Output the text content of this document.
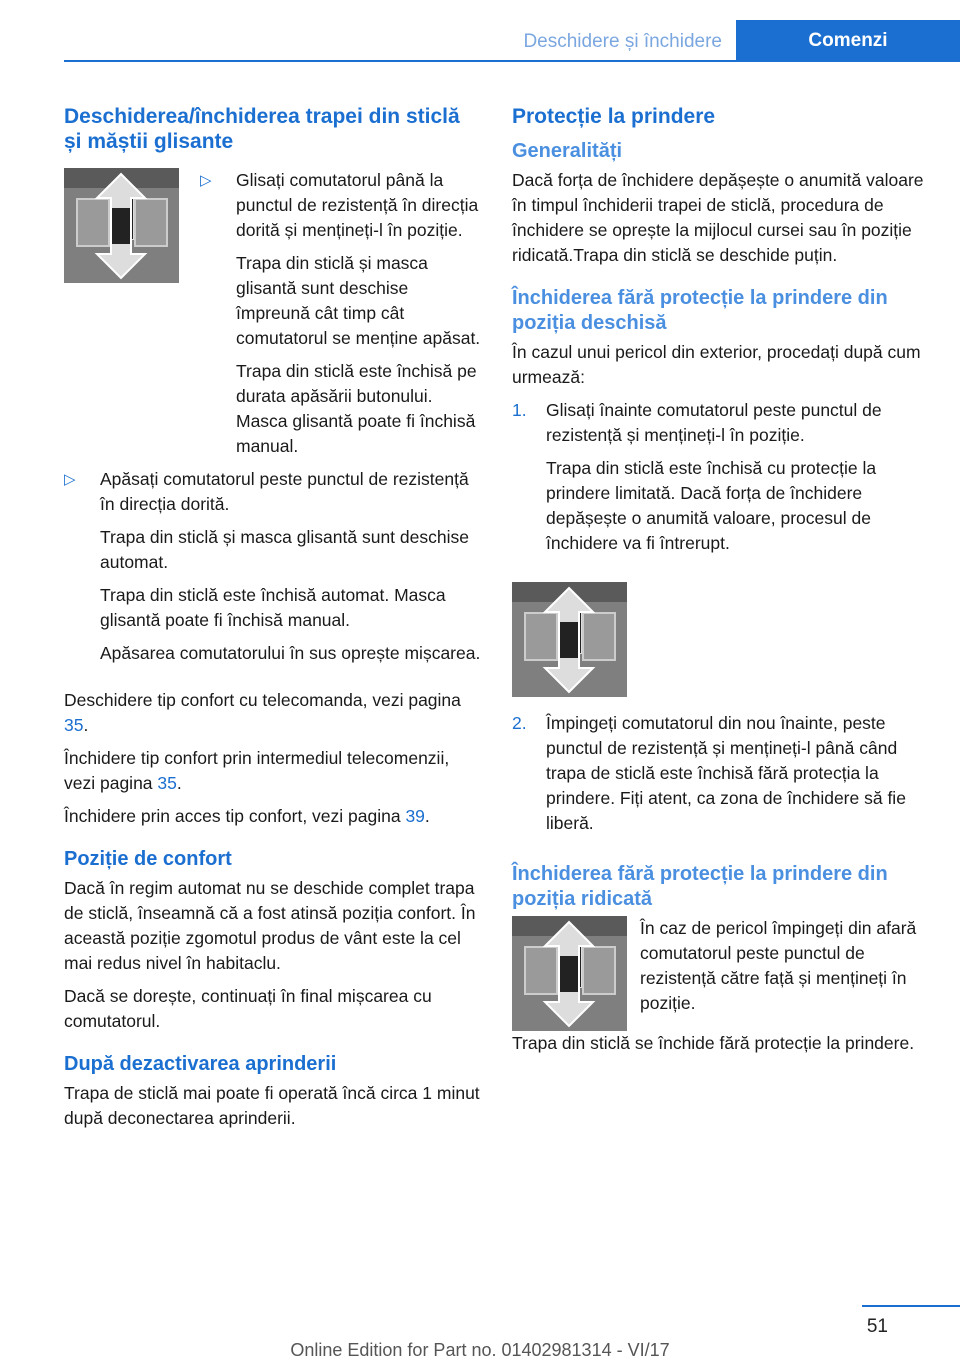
Deschidere și închidere	Comenzi
Deschiderea/închiderea trapei din sticlă și măștii glisante
▷	Glisați comutatorul până la punctul de rezistență în direcția dorită și mențineți-l în poziție.

Trapa din sticlă și masca glisantă sunt deschise împreună cât timp cât comutatorul se menține apăsat.

Trapa din sticlă este închisă pe durata apăsării butonului. Masca glisantă poate fi închisă manual.

▷	Apăsați comutatorul peste punctul de rezistență în direcția dorită.

Trapa din sticlă și masca glisantă sunt deschise automat.

Trapa din sticlă este închisă automat. Masca glisantă poate fi închisă manual.

Apăsarea comutatorului în sus oprește mișcarea.

Deschidere tip confort cu telecomanda, vezi pagina 35.

Închidere tip confort prin intermediul telecomenzii, vezi pagina 35.

Închidere prin acces tip confort, vezi pagina 39.

Poziție de confort

Dacă în regim automat nu se deschide complet trapa de sticlă, înseamnă că a fost atinsă poziția confort. În această poziție zgomotul produs de vânt este la cel mai redus nivel în habitaclu.

Dacă se dorește, continuați în final mișcarea cu comutatorul.

După dezactivarea aprinderii

Trapa de sticlă mai poate fi operată încă circa 1 minut după deconectarea aprinderii.

Protecție la prindere
Generalități

Dacă forța de închidere depășește o anumită valoare în timpul închiderii trapei de sticlă, procedura de închidere se oprește la mijlocul cursei sau în poziție ridicată.Trapa din sticlă se deschide puțin.

Închiderea fără protecție la prindere din poziția deschisă

În cazul unui pericol din exterior, procedați după cum urmează:

1.	Glisați înainte comutatorul peste punctul de rezistență și mențineți-l în poziție.

Trapa din sticlă este închisă cu protecție la prindere limitată. Dacă forța de închidere depășește o anumită valoare, procesul de închidere va fi întrerupt.

2.	Împingeți comutatorul din nou înainte, peste punctul de rezistență și mențineți-l până când trapa de sticlă este închisă fără protecția la prindere. Fiți atent, ca zona de închidere să fie liberă.

Închiderea fără protecție la prindere din poziția ridicată

În caz de pericol împingeți din afară comutatorul peste punctul de rezistență către față și mențineți în poziție.

Trapa din sticlă se închide fără protecție la prindere.

51
Online Edition for Part no. 01402981314 - VI/17
